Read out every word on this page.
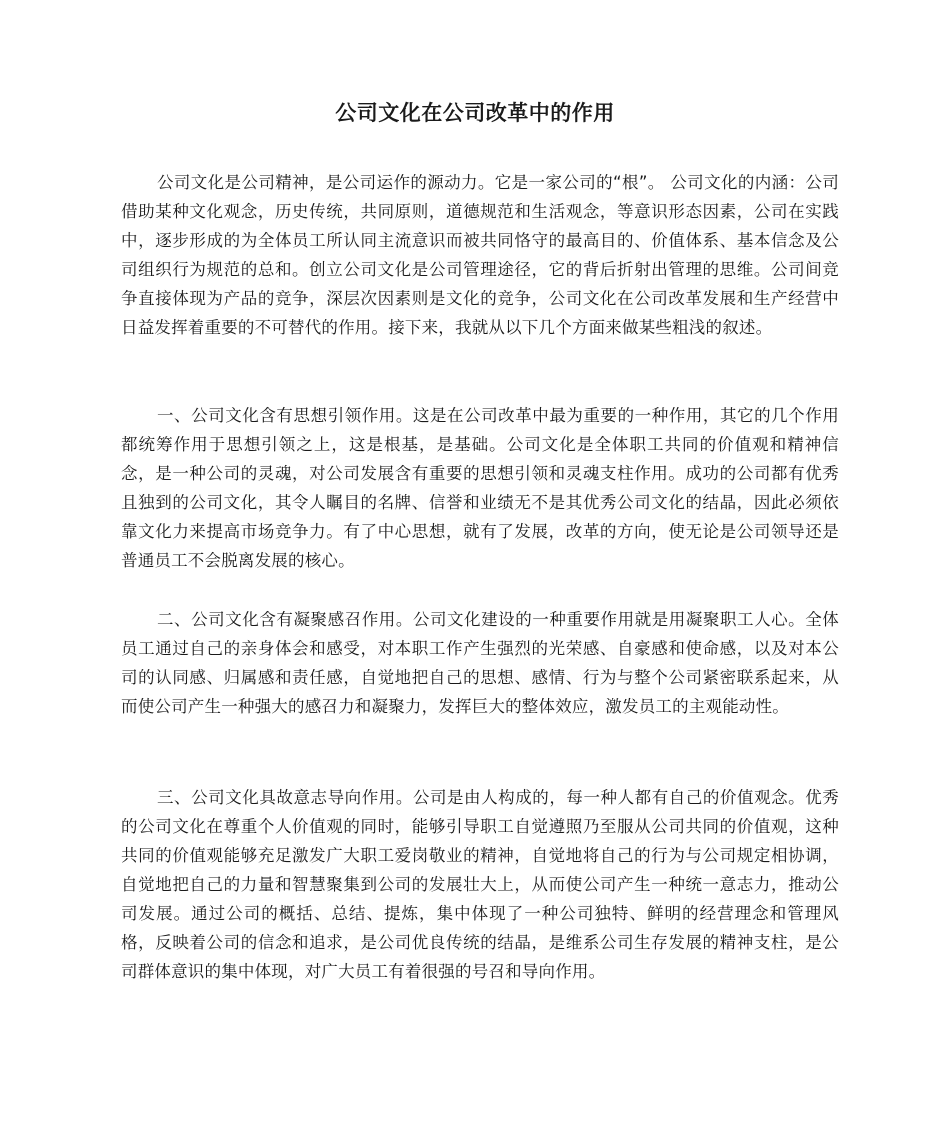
公司文化在公司改革中的作用

公司文化是公司精神，是公司运作的源动力。它是一家公司的“根”。 公司文化的内涵：公司借助某种文化观念，历史传统，共同原则，道德规范和生活观念，等意识形态因素，公司在实践中，逐步形成的为全体员工所认同主流意识而被共同恪守的最高目的、价值体系、基本信念及公司组织行为规范的总和。创立公司文化是公司管理途径，它的背后折射出管理的思维。公司间竞争直接体现为产品的竞争，深层次因素则是文化的竞争，公司文化在公司改革发展和生产经营中日益发挥着重要的不可替代的作用。接下来，我就从以下几个方面来做某些粗浅的叙述。

一、公司文化含有思想引领作用。这是在公司改革中最为重要的一种作用，其它的几个作用都统筹作用于思想引领之上，这是根基，是基础。公司文化是全体职工共同的价值观和精神信念，是一种公司的灵魂，对公司发展含有重要的思想引领和灵魂支柱作用。成功的公司都有优秀且独到的公司文化，其令人瞩目的名牌、信誉和业绩无不是其优秀公司文化的结晶，因此必须依靠文化力来提高市场竞争力。有了中心思想，就有了发展，改革的方向，使无论是公司领导还是普通员工不会脱离发展的核心。

二、公司文化含有凝聚感召作用。公司文化建设的一种重要作用就是用凝聚职工人心。全体员工通过自己的亲身体会和感受，对本职工作产生强烈的光荣感、自豪感和使命感，以及对本公司的认同感、归属感和责任感，自觉地把自己的思想、感情、行为与整个公司紧密联系起来，从而使公司产生一种强大的感召力和凝聚力，发挥巨大的整体效应，激发员工的主观能动性。

三、公司文化具故意志导向作用。公司是由人构成的，每一种人都有自己的价值观念。优秀的公司文化在尊重个人价值观的同时，能够引导职工自觉遵照乃至服从公司共同的价值观，这种共同的价值观能够充足激发广大职工爱岗敬业的精神，自觉地将自己的行为与公司规定相协调，自觉地把自己的力量和智慧聚集到公司的发展壮大上，从而使公司产生一种统一意志力，推动公司发展。通过公司的概括、总结、提炼，集中体现了一种公司独特、鲜明的经营理念和管理风格，反映着公司的信念和追求，是公司优良传统的结晶，是维系公司生存发展的精神支柱，是公司群体意识的集中体现，对广大员工有着很强的号召和导向作用。
